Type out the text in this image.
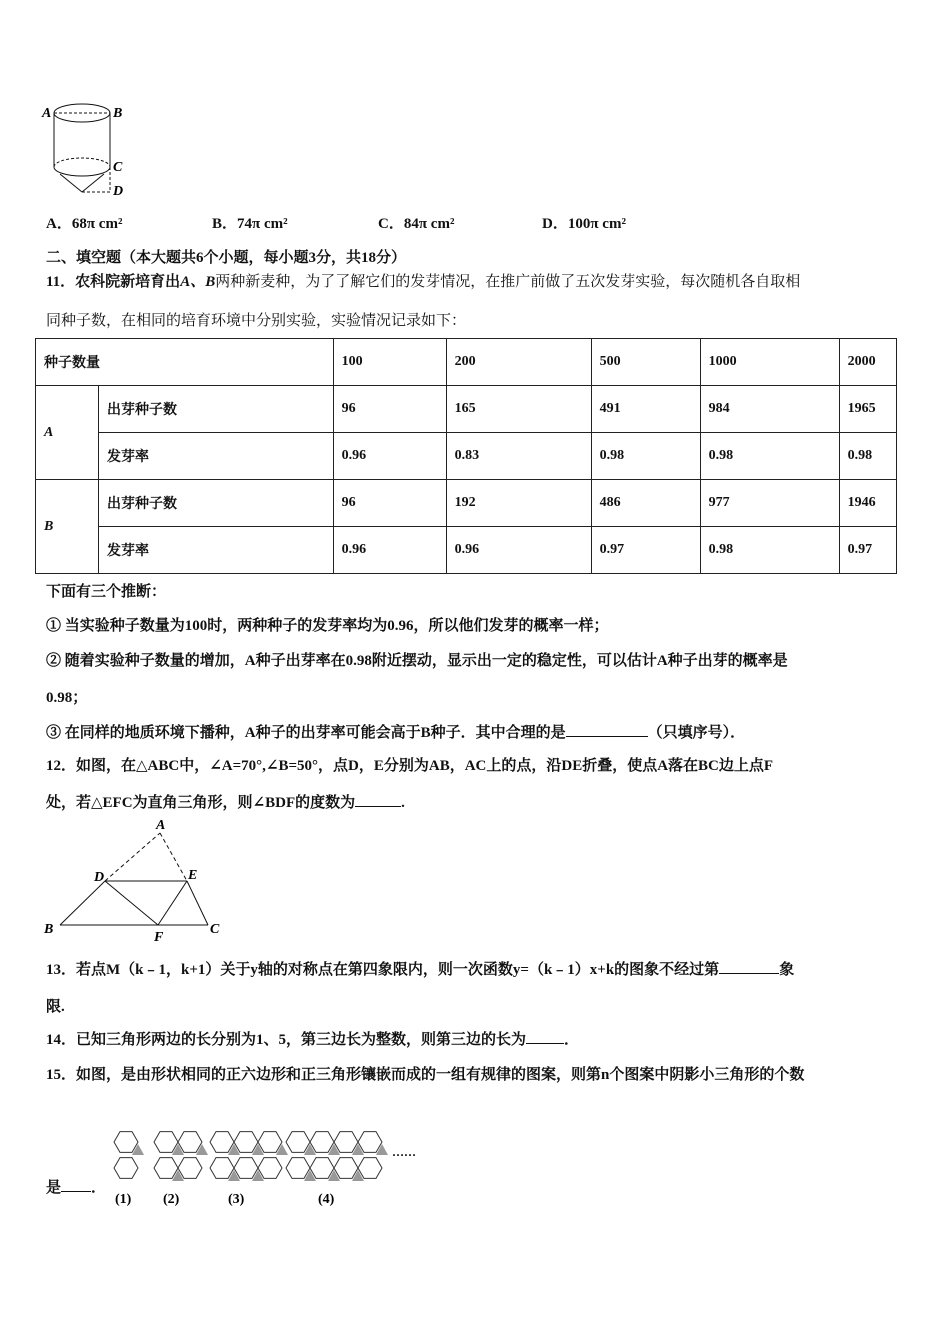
A	B
C
D
A．68π cm²	B．74π cm²	C．84π cm²	D．100π cm²
二、填空题（本大题共6个小题，每小题3分，共18分）
11．农科院新培育出A、B两种新麦种，为了了解它们的发芽情况，在推广前做了五次发芽实验，每次随机各自取相
同种子数，在相同的培育环境中分别实验，实验情况记录如下：
种子数量		100	200	500	1000	2000
A	出芽种子数	96	165	491	984	1965
	发芽率	0.96	0.83	0.98	0.98	0.98
B	出芽种子数	96	192	486	977	1946
	发芽率	0.96	0.96	0.97	0.98	0.97
下面有三个推断：
① 当实验种子数量为100时，两种种子的发芽率均为0.96，所以他们发芽的概率一样；
② 随着实验种子数量的增加，A种子出芽率在0.98附近摆动，显示出一定的稳定性，可以估计A种子出芽的概率是
0.98；
③ 在同样的地质环境下播种，A种子的出芽率可能会高于B种子．其中合理的是	（只填序号）．
12．如图，在△ABC中，∠A=70°,∠B=50°，点D，E分别为AB，AC上的点，沿DE折叠，使点A落在BC边上点F
处，若△EFC为直角三角形，则∠BDF的度数为	.
A
D	E
B
F
C
13．若点M（k﹣1，k+1）关于y轴的对称点在第四象限内，则一次函数y=（k﹣1）x+k的图象不经过第	象
限.
14．已知三角形两边的长分别为1、5，第三边长为整数，则第三边的长为	．
15．如图，是由形状相同的正六边形和正三角形镶嵌而成的一组有规律的图案，则第n个图案中阴影小三角形的个数
是 ．
(1) (2)	(3)	(4)
……
